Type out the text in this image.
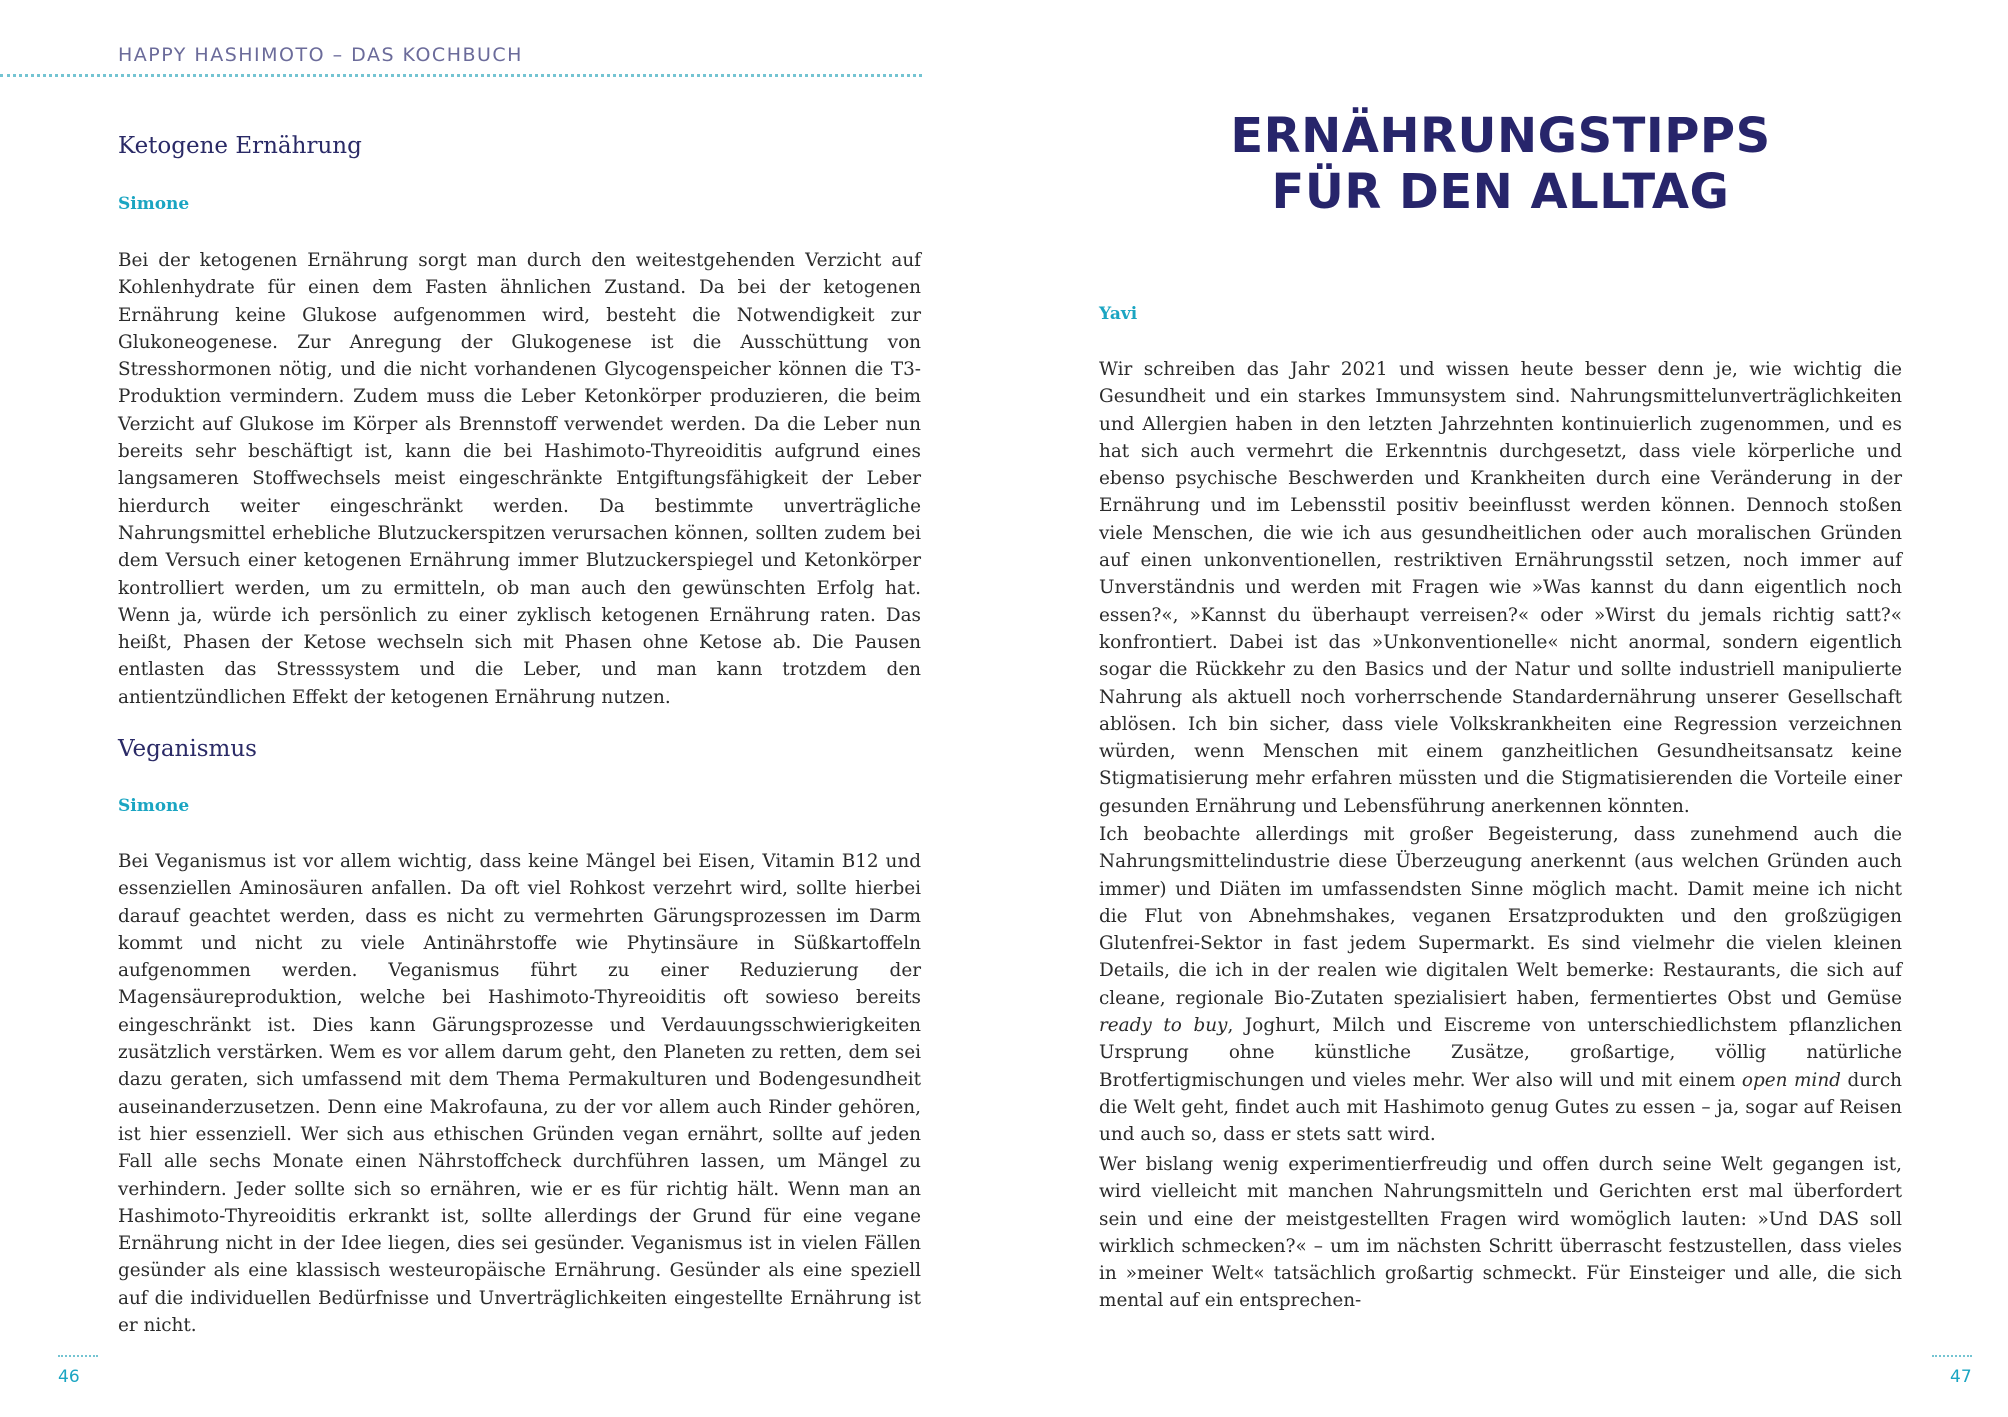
HAPPY HASHIMOTO – DAS KOCHBUCH
Ketogene Ernährung
Simone

Bei der ketogenen Ernährung sorgt man durch den weitestgehenden Verzicht auf Kohlenhydrate für einen dem Fasten ähnlichen Zustand. Da bei der ketogenen Ernährung keine Glukose aufgenommen wird, besteht die Notwendigkeit zur Glukoneogenese. Zur Anregung der Glukogenese ist die Ausschüttung von Stresshormonen nötig, und die nicht vorhandenen Glycogenspeicher können die T3-Produktion vermindern. Zudem muss die Leber Ketonkörper produzieren, die beim Verzicht auf Glukose im Körper als Brennstoff verwendet werden. Da die Leber nun bereits sehr beschäftigt ist, kann die bei Hashimoto-Thyreoiditis aufgrund eines langsameren Stoffwechsels meist eingeschränkte Entgiftungsfähigkeit der Leber hierdurch weiter eingeschränkt werden. Da bestimmte unverträgliche Nahrungsmittel erhebliche Blutzuckerspitzen verursachen können, sollten zudem bei dem Versuch einer ketogenen Ernährung immer Blutzuckerspiegel und Ketonkörper kontrolliert werden, um zu ermitteln, ob man auch den gewünschten Erfolg hat. Wenn ja, würde ich persönlich zu einer zyklisch ketogenen Ernährung raten. Das heißt, Phasen der Ketose wechseln sich mit Phasen ohne Ketose ab. Die Pausen entlasten das Stresssystem und die Leber, und man kann trotzdem den antientzündlichen Effekt der ketogenen Ernährung nutzen.

Veganismus
Simone

Bei Veganismus ist vor allem wichtig, dass keine Mängel bei Eisen, Vitamin B12 und essenziellen Aminosäuren anfallen. Da oft viel Rohkost verzehrt wird, sollte hierbei darauf geachtet werden, dass es nicht zu vermehrten Gärungsprozessen im Darm kommt und nicht zu viele Antinährstoffe wie Phytinsäure in Süßkartoffeln aufgenommen werden. Veganismus führt zu einer Reduzierung der Magensäureproduktion, welche bei Hashimoto-Thyreoiditis oft sowieso bereits eingeschränkt ist. Dies kann Gärungsprozesse und Verdauungsschwierigkeiten zusätzlich verstärken. Wem es vor allem darum geht, den Planeten zu retten, dem sei dazu geraten, sich umfassend mit dem Thema Permakulturen und Bodengesundheit auseinanderzusetzen. Denn eine Makrofauna, zu der vor allem auch Rinder gehören, ist hier essenziell. Wer sich aus ethischen Gründen vegan ernährt, sollte auf jeden Fall alle sechs Monate einen Nährstoffcheck durchführen lassen, um Mängel zu verhindern. Jeder sollte sich so ernähren, wie er es für richtig hält. Wenn man an Hashimoto-Thyreoiditis erkrankt ist, sollte allerdings der Grund für eine vegane Ernährung nicht in der Idee liegen, dies sei gesünder. Veganismus ist in vielen Fällen gesünder als eine klassisch westeuropäische Ernährung. Gesünder als eine speziell auf die individuellen Bedürfnisse und Unverträglichkeiten eingestellte Ernährung ist er nicht.

46
ERNÄHRUNGSTIPPS
FÜR DEN ALLTAG
Yavi

Wir schreiben das Jahr 2021 und wissen heute besser denn je, wie wichtig die Gesundheit und ein starkes Immunsystem sind. Nahrungsmittelunverträglichkeiten und Allergien haben in den letzten Jahrzehnten kontinuierlich zugenommen, und es hat sich auch vermehrt die Erkenntnis durchgesetzt, dass viele körperliche und ebenso psychische Beschwerden und Krankheiten durch eine Veränderung in der Ernährung und im Lebensstil positiv beeinflusst werden können. Dennoch stoßen viele Menschen, die wie ich aus gesundheitlichen oder auch moralischen Gründen auf einen unkonventionellen, restriktiven Ernährungsstil setzen, noch immer auf Unverständnis und werden mit Fragen wie »Was kannst du dann eigentlich noch essen?«, »Kannst du überhaupt verreisen?« oder »Wirst du jemals richtig satt?« konfrontiert. Dabei ist das »Unkonventionelle« nicht anormal, sondern eigentlich sogar die Rückkehr zu den Basics und der Natur und sollte industriell manipulierte Nahrung als aktuell noch vorherrschende Standardernährung unserer Gesellschaft ablösen. Ich bin sicher, dass viele Volkskrankheiten eine Regression verzeichnen würden, wenn Menschen mit einem ganzheitlichen Gesundheitsansatz keine Stigmatisierung mehr erfahren müssten und die Stigmatisierenden die Vorteile einer gesunden Ernährung und Lebensführung anerkennen könnten.

Ich beobachte allerdings mit großer Begeisterung, dass zunehmend auch die Nahrungsmittelindustrie diese Überzeugung anerkennt (aus welchen Gründen auch immer) und Diäten im umfassendsten Sinne möglich macht. Damit meine ich nicht die Flut von Abnehmshakes, veganen Ersatzprodukten und den großzügigen Glutenfrei-Sektor in fast jedem Supermarkt. Es sind vielmehr die vielen kleinen Details, die ich in der realen wie digitalen Welt bemerke: Restaurants, die sich auf cleane, regionale Bio-Zutaten spezialisiert haben, fermentiertes Obst und Gemüse ready to buy, Joghurt, Milch und Eiscreme von unterschiedlichstem pflanzlichen Ursprung ohne künstliche Zusätze, großartige, völlig natürliche Brotfertigmischungen und vieles mehr. Wer also will und mit einem open mind durch die Welt geht, findet auch mit Hashimoto genug Gutes zu essen – ja, sogar auf Reisen und auch so, dass er stets satt wird.

Wer bislang wenig experimentierfreudig und offen durch seine Welt gegangen ist, wird vielleicht mit manchen Nahrungsmitteln und Gerichten erst mal überfordert sein und eine der meistgestellten Fragen wird womöglich lauten: »Und DAS soll wirklich schmecken?« – um im nächsten Schritt überrascht festzustellen, dass vieles in »meiner Welt« tatsächlich großartig schmeckt. Für Einsteiger und alle, die sich mental auf ein entsprechen-

47
